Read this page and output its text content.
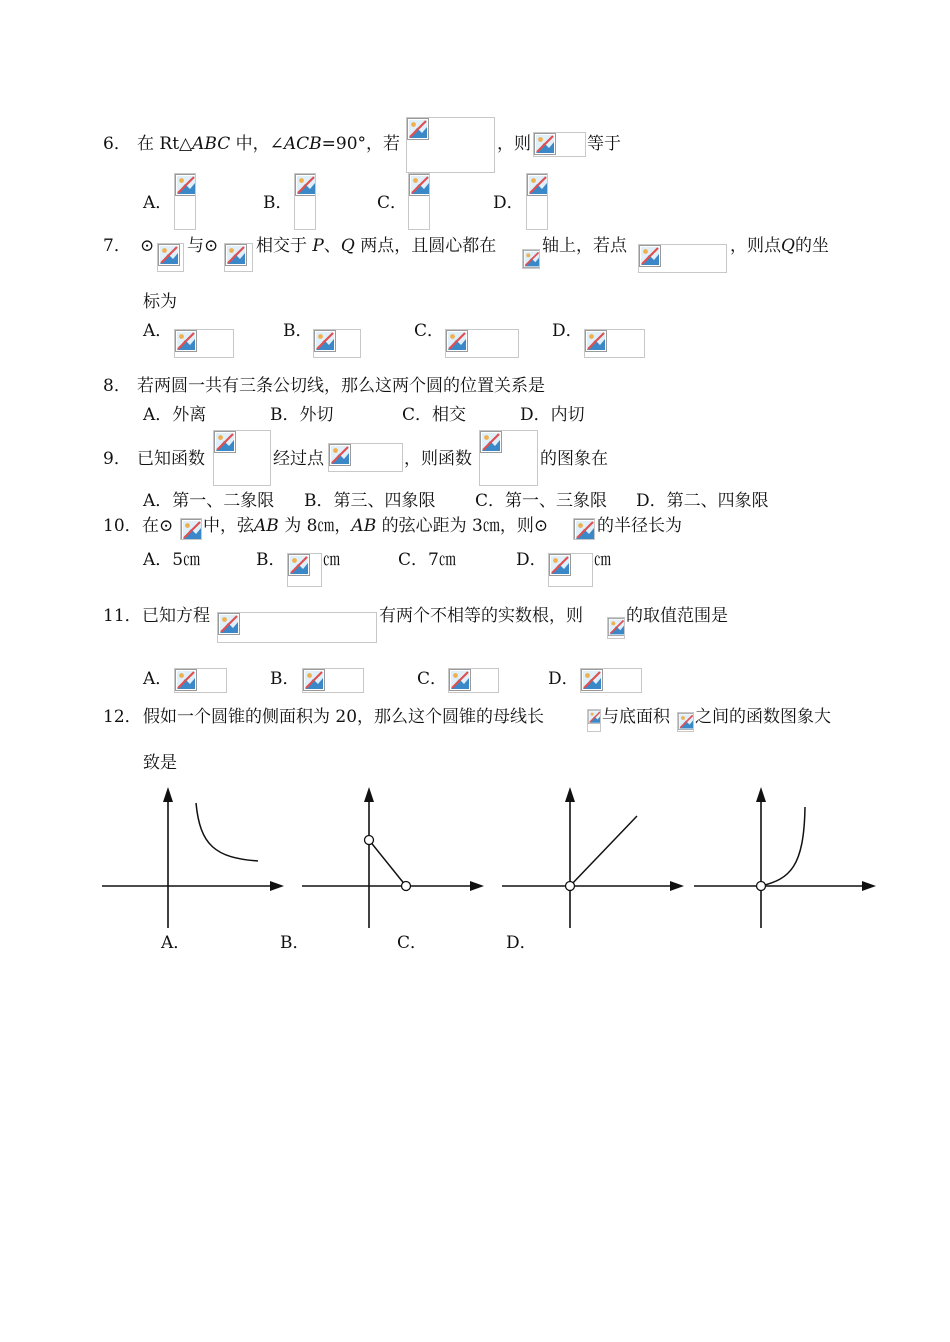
6． 在 Rt△ABC 中，∠ACB=90°，若	，则	等于
A．	B．	C．	D．
7． ⊙ 与⊙ 相交于 P、Q 两点，且圆心都在	轴上，若点	，则点Q的坐
标为
A．	B．	C．	D．
8． 若两圆一共有三条公切线，那么这两个圆的位置关系是
A．外离	B．外切	C．相交	D．内切
9． 已知函数	经过点	，则函数	的图象在
A．第一、二象限 B．第三、四象限 C．第一、三象限 D．第二、四象限
10． 在⊙ 中，弦AB 为 8㎝，AB 的弦心距为 3㎝，则⊙	的半径长为
A．5㎝	B． ㎝	C．7㎝	D．	㎝
11． 已知方程	有两个不相等的实数根，则	的取值范围是
A．	B．	C．	D．
12． 假如一个圆锥的侧面积为 20，那么这个圆锥的母线长	与底面积 之间的函数图象大
致是
A．	B．	C．	D．
